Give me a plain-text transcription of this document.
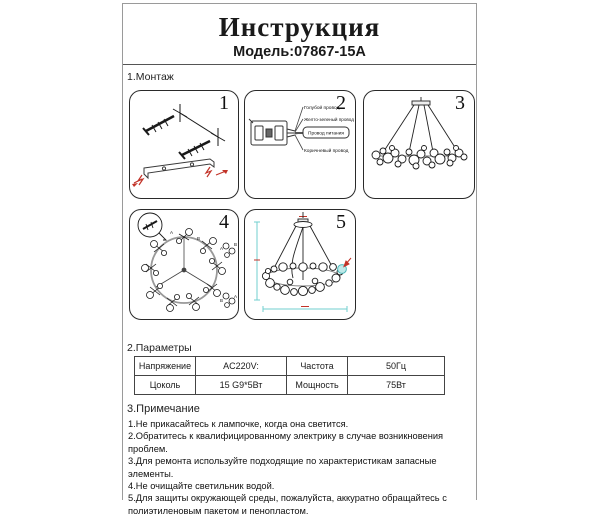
Инструкция
Модель:07867-15A
1.Монтаж
1	2
Голубой провод
Желто-зеленый провод
Провод питания
Коричневый провод
3
4
A
B
B
A
A
B
5
2.Параметры
Напряжение	AC220V:	Частота	50Гц
Цоколь	15 G9*5Вт	Мощность	75Вт
3.Примечание

1.Не прикасайтесь к лампочке, когда она светится.

2.Обратитесь к квалифицированному электрику в случае возникновения проблем.

3.Для ремонта используйте подходящие по характеристикам запасные элементы.

4.Не очищайте светильник водой.

5.Для защиты окружающей среды, пожалуйста, аккуратно обращайтесь с полиэтиленовым пакетом и пенопластом.
